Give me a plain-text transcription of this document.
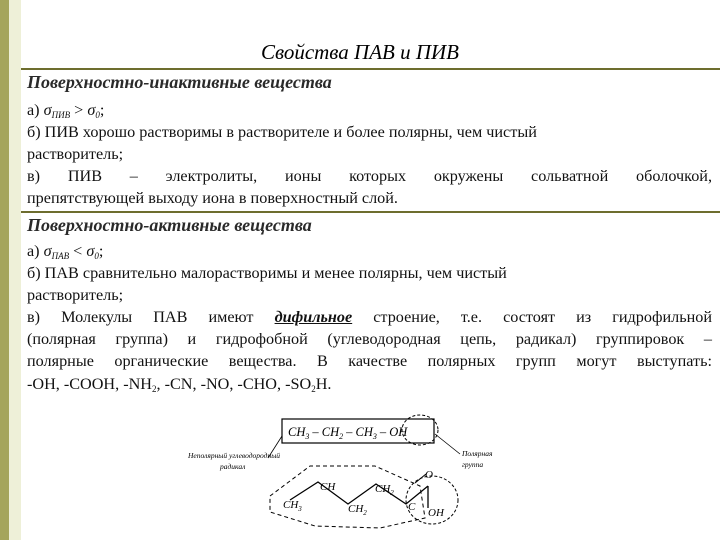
Свойства ПАВ и ПИВ
Поверхностно-инактивные вещества
а) $\sigma_{ПИВ} > \sigma_0$;
б) ПИВ хорошо растворимы в растворителе и более полярны, чем чистый
растворитель;
в) ПИВ – электролиты, ионы которых окружены сольватной оболочкой,
препятствующей выходу иона в поверхностный слой.
Поверхностно-активные вещества
а) $\sigma_{ПАВ} < \sigma_0$;
б) ПАВ сравнительно малорастворимы и менее полярны, чем чистый
растворитель;
в) Молекулы ПАВ имеют дифильное строение, т.е. состоят из гидрофильной
(полярная группа) и гидрофобной (углеводородная цепь, радикал) группировок –
полярные органические вещества. В качестве полярных групп могут выступать:
-OH, -COOH, $-NH_2$, -CN, -NO, -CHO, $-SO_2H$.
$CH_3 - CH_2 - CH_3$ – OH
Неполярный углеводородный
радикал
Полярная
группа
CH	$CH_2$
$CH_3$	$CH_2$	C
O
OH
